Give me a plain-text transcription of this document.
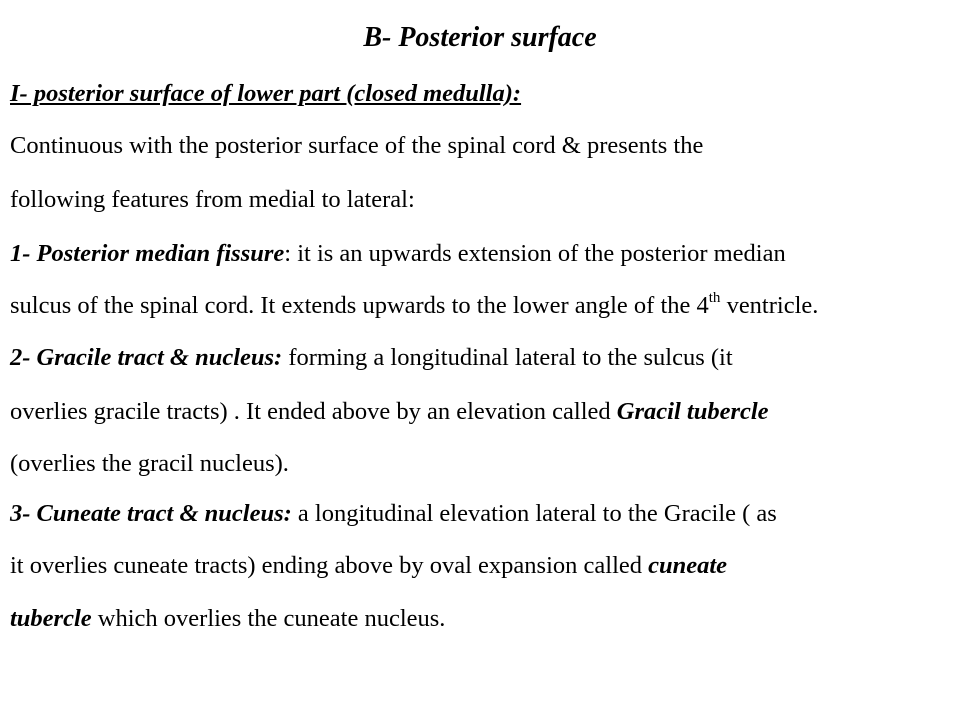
B- Posterior surface
I- posterior surface of lower part (closed medulla):
Continuous with the posterior surface of the spinal cord & presents the
following features from medial to lateral:
1- Posterior median fissure: it is an upwards extension of the posterior median
sulcus of the spinal cord. It extends upwards to the lower angle of the 4th ventricle.
2- Gracile tract & nucleus: forming a longitudinal lateral to the sulcus (it
overlies gracile tracts) . It ended above by an elevation called Gracil tubercle
(overlies the gracil nucleus).
3- Cuneate tract & nucleus: a longitudinal elevation lateral to the Gracile ( as
it overlies cuneate tracts) ending above by oval expansion called cuneate
tubercle which overlies the cuneate nucleus.
